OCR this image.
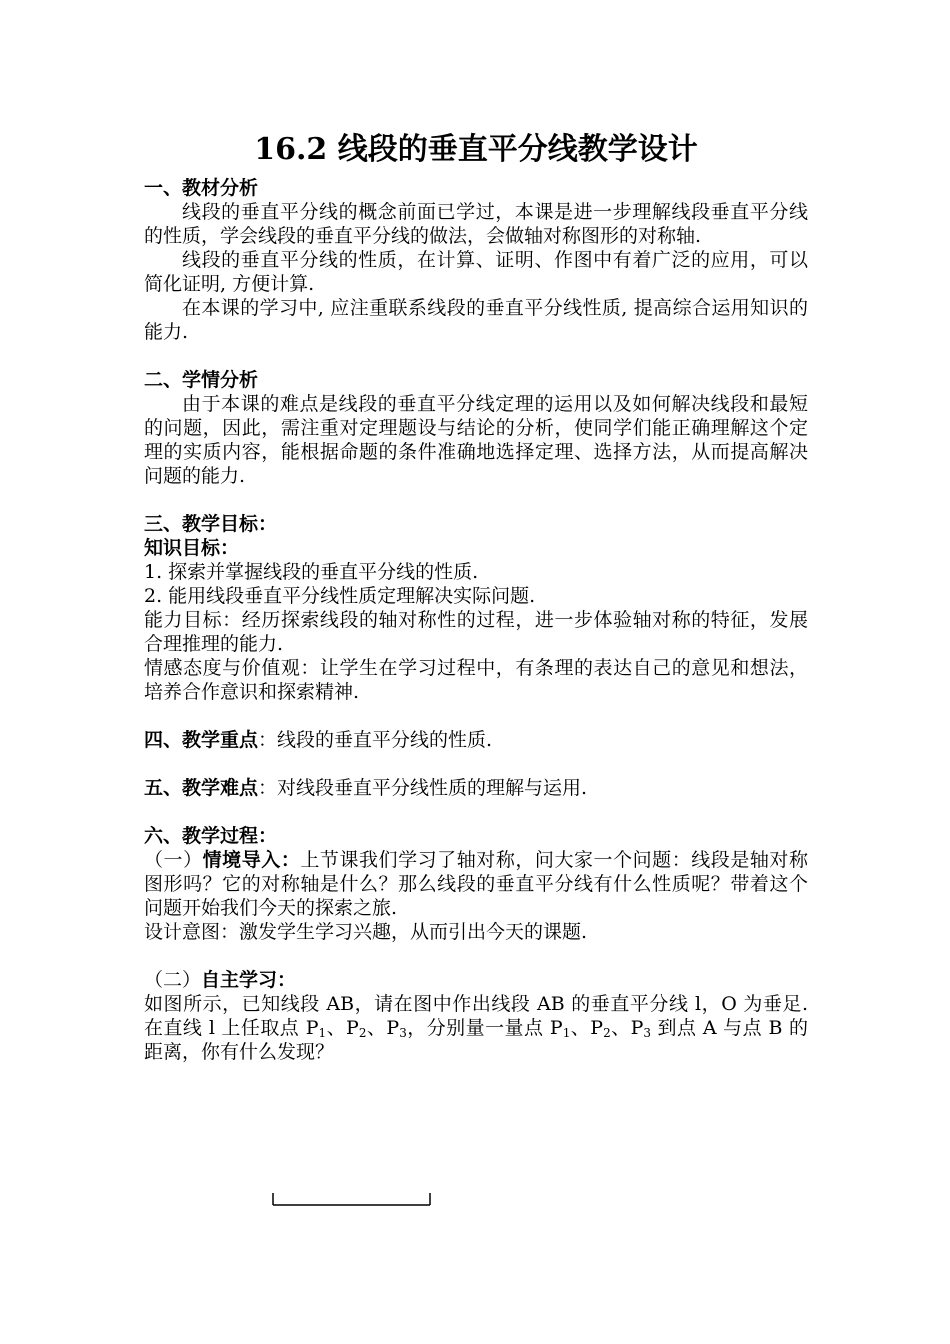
16.2 线段的垂直平分线教学设计
一、教材分析

线段的垂直平分线的概念前面已学过，本课是进一步理解线段垂直平分线的性质，学会线段的垂直平分线的做法，会做轴对称图形的对称轴.

线段的垂直平分线的性质，在计算、证明、作图中有着广泛的应用，可以简化证明, 方便计算.

在本课的学习中, 应注重联系线段的垂直平分线性质, 提高综合运用知识的能力.

二、学情分析

由于本课的难点是线段的垂直平分线定理的运用以及如何解决线段和最短的问题，因此，需注重对定理题设与结论的分析，使同学们能正确理解这个定理的实质内容，能根据命题的条件准确地选择定理、选择方法，从而提高解决问题的能力.

三、教学目标：
知识目标：

1. 探索并掌握线段的垂直平分线的性质.

2. 能用线段垂直平分线性质定理解决实际问题.

能力目标：经历探索线段的轴对称性的过程，进一步体验轴对称的特征，发展合理推理的能力.

情感态度与价值观：让学生在学习过程中，有条理的表达自己的意见和想法，培养合作意识和探索精神.

四、教学重点：线段的垂直平分线的性质.

五、教学难点：对线段垂直平分线性质的理解与运用.

六、教学过程：

（一）情境导入：上节课我们学习了轴对称，问大家一个问题：线段是轴对称图形吗？它的对称轴是什么？那么线段的垂直平分线有什么性质呢？带着这个问题开始我们今天的探索之旅.

设计意图：激发学生学习兴趣，从而引出今天的课题.

（二）自主学习：

如图所示，已知线段 AB，请在图中作出线段 AB 的垂直平分线 l，O 为垂足. 在直线 l 上任取点 $P_1$、$P_2$、$P_3$，分别量一量点 $P_1$、$P_2$、$P_3$ 到点 A 与点 B 的距离，你有什么发现？
